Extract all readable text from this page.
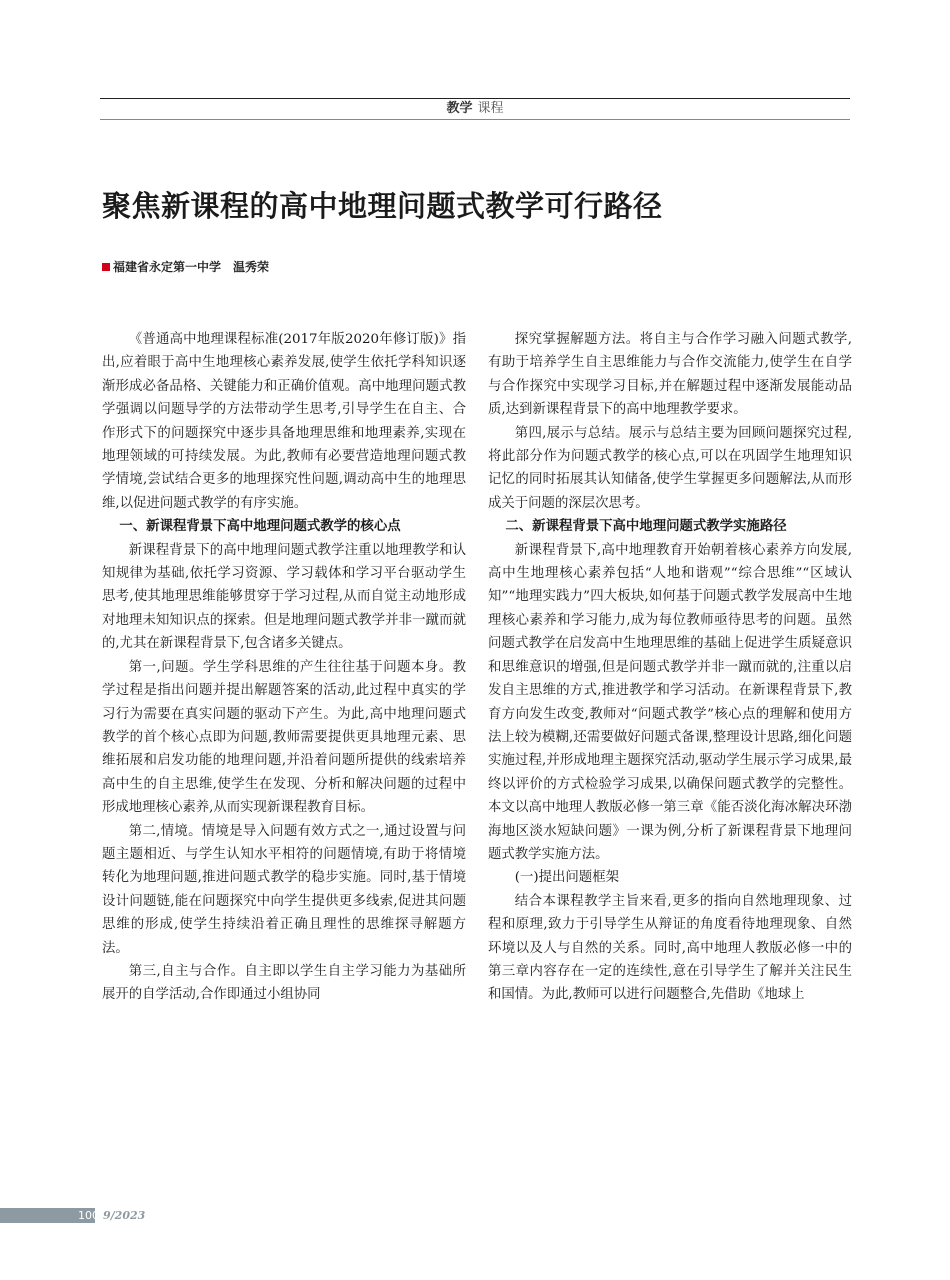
教学 课程
聚焦新课程的高中地理问题式教学可行路径
福建省永定第一中学 温秀荣

《普通高中地理课程标准(2017年版2020年修订版)》指出,应着眼于高中生地理核心素养发展,使学生依托学科知识逐渐形成必备品格、关键能力和正确价值观。高中地理问题式教学强调以问题导学的方法带动学生思考,引导学生在自主、合作形式下的问题探究中逐步具备地理思维和地理素养,实现在地理领域的可持续发展。为此,教师有必要营造地理问题式教学情境,尝试结合更多的地理探究性问题,调动高中生的地理思维,以促进问题式教学的有序实施。

一、新课程背景下高中地理问题式教学的核心点

新课程背景下的高中地理问题式教学注重以地理教学和认知规律为基础,依托学习资源、学习载体和学习平台驱动学生思考,使其地理思维能够贯穿于学习过程,从而自觉主动地形成对地理未知知识点的探索。但是地理问题式教学并非一蹴而就的,尤其在新课程背景下,包含诸多关键点。

第一,问题。学生学科思维的产生往往基于问题本身。教学过程是指出问题并提出解题答案的活动,此过程中真实的学习行为需要在真实问题的驱动下产生。为此,高中地理问题式教学的首个核心点即为问题,教师需要提供更具地理元素、思维拓展和启发功能的地理问题,并沿着问题所提供的线索培养高中生的自主思维,使学生在发现、分析和解决问题的过程中形成地理核心素养,从而实现新课程教育目标。

第二,情境。情境是导入问题有效方式之一,通过设置与问题主题相近、与学生认知水平相符的问题情境,有助于将情境转化为地理问题,推进问题式教学的稳步实施。同时,基于情境设计问题链,能在问题探究中向学生提供更多线索,促进其问题思维的形成,使学生持续沿着正确且理性的思维探寻解题方法。

第三,自主与合作。自主即以学生自主学习能力为基础所展开的自学活动,合作即通过小组协同

探究掌握解题方法。将自主与合作学习融入问题式教学,有助于培养学生自主思维能力与合作交流能力,使学生在自学与合作探究中实现学习目标,并在解题过程中逐渐发展能动品质,达到新课程背景下的高中地理教学要求。

第四,展示与总结。展示与总结主要为回顾问题探究过程,将此部分作为问题式教学的核心点,可以在巩固学生地理知识记忆的同时拓展其认知储备,使学生掌握更多问题解法,从而形成关于问题的深层次思考。

二、新课程背景下高中地理问题式教学实施路径

新课程背景下,高中地理教育开始朝着核心素养方向发展,高中生地理核心素养包括“人地和谐观”“综合思维”“区域认知”“地理实践力”四大板块,如何基于问题式教学发展高中生地理核心素养和学习能力,成为每位教师亟待思考的问题。虽然问题式教学在启发高中生地理思维的基础上促进学生质疑意识和思维意识的增强,但是问题式教学并非一蹴而就的,注重以启发自主思维的方式,推进教学和学习活动。在新课程背景下,教育方向发生改变,教师对“问题式教学”核心点的理解和使用方法上较为模糊,还需要做好问题式备课,整理设计思路,细化问题实施过程,并形成地理主题探究活动,驱动学生展示学习成果,最终以评价的方式检验学习成果,以确保问题式教学的完整性。本文以高中地理人教版必修一第三章《能否淡化海冰解决环渤海地区淡水短缺问题》一课为例,分析了新课程背景下地理问题式教学实施方法。

(一)提出问题框架

结合本课程教学主旨来看,更多的指向自然地理现象、过程和原理,致力于引导学生从辩证的角度看待地理现象、自然环境以及人与自然的关系。同时,高中地理人教版必修一中的第三章内容存在一定的连续性,意在引导学生了解并关注民生和国情。为此,教师可以进行问题整合,先借助《地球上

100 9/2023
